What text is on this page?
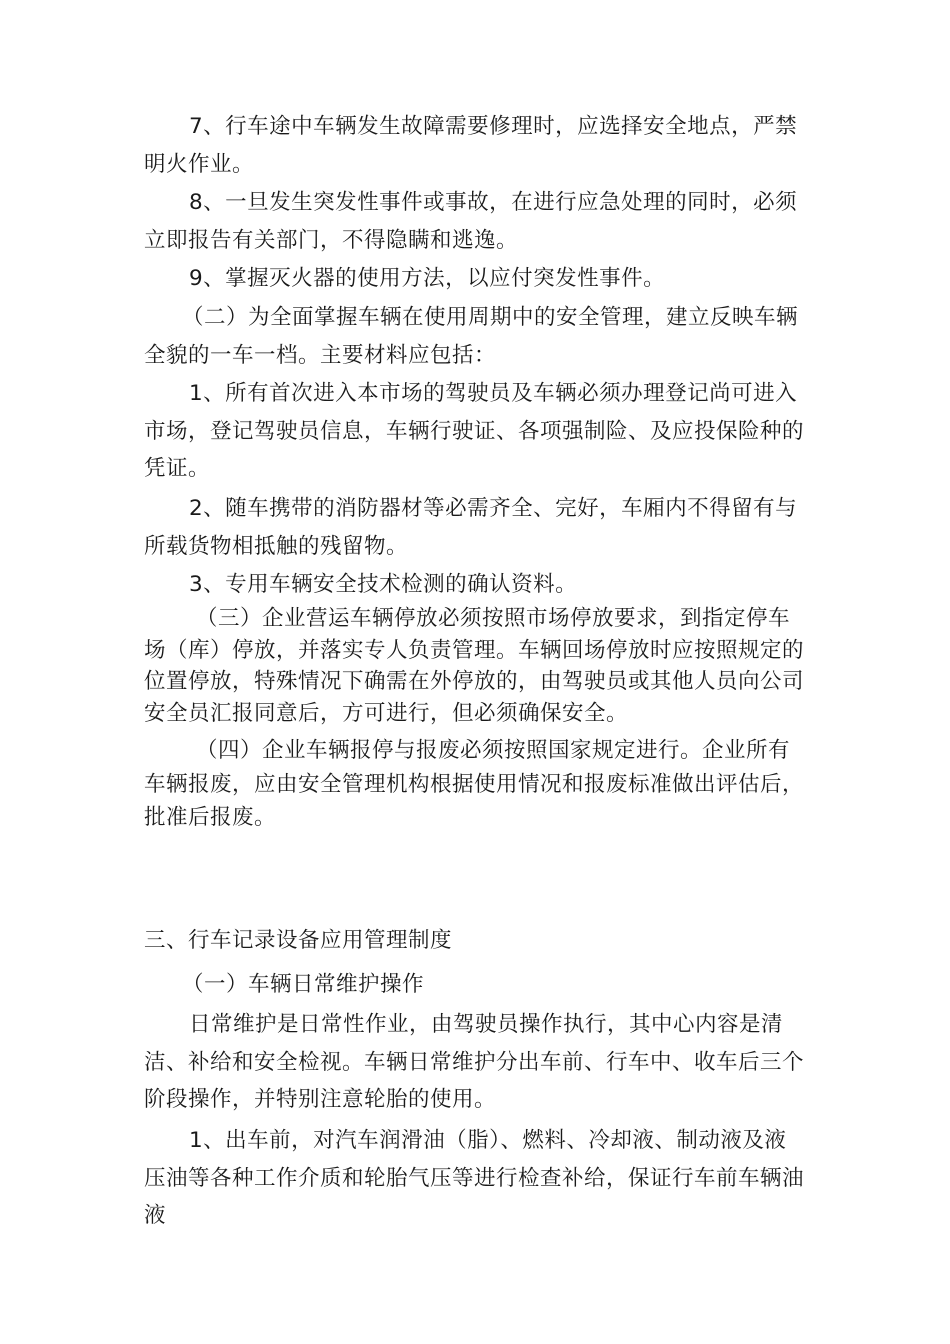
7、行车途中车辆发生故障需要修理时，应选择安全地点，严禁明火作业。

8、一旦发生突发性事件或事故，在进行应急处理的同时，必须立即报告有关部门，不得隐瞒和逃逸。

9、掌握灭火器的使用方法，以应付突发性事件。

（二）为全面掌握车辆在使用周期中的安全管理，建立反映车辆全貌的一车一档。主要材料应包括：

1、所有首次进入本市场的驾驶员及车辆必须办理登记尚可进入市场，登记驾驶员信息，车辆行驶证、各项强制险、及应投保险种的凭证。

2、随车携带的消防器材等必需齐全、完好，车厢内不得留有与所载货物相抵触的残留物。

3、专用车辆安全技术检测的确认资料。

（三）企业营运车辆停放必须按照市场停放要求，到指定停车场（库）停放，并落实专人负责管理。车辆回场停放时应按照规定的位置停放，特殊情况下确需在外停放的，由驾驶员或其他人员向公司安全员汇报同意后，方可进行，但必须确保安全。

（四）企业车辆报停与报废必须按照国家规定进行。企业所有车辆报废，应由安全管理机构根据使用情况和报废标准做出评估后，批准后报废。

三、行车记录设备应用管理制度

（一）车辆日常维护操作

日常维护是日常性作业，由驾驶员操作执行，其中心内容是清洁、补给和安全检视。车辆日常维护分出车前、行车中、收车后三个阶段操作，并特别注意轮胎的使用。

1、出车前，对汽车润滑油（脂）、燃料、冷却液、制动液及液压油等各种工作介质和轮胎气压等进行检查补给，保证行车前车辆油液
